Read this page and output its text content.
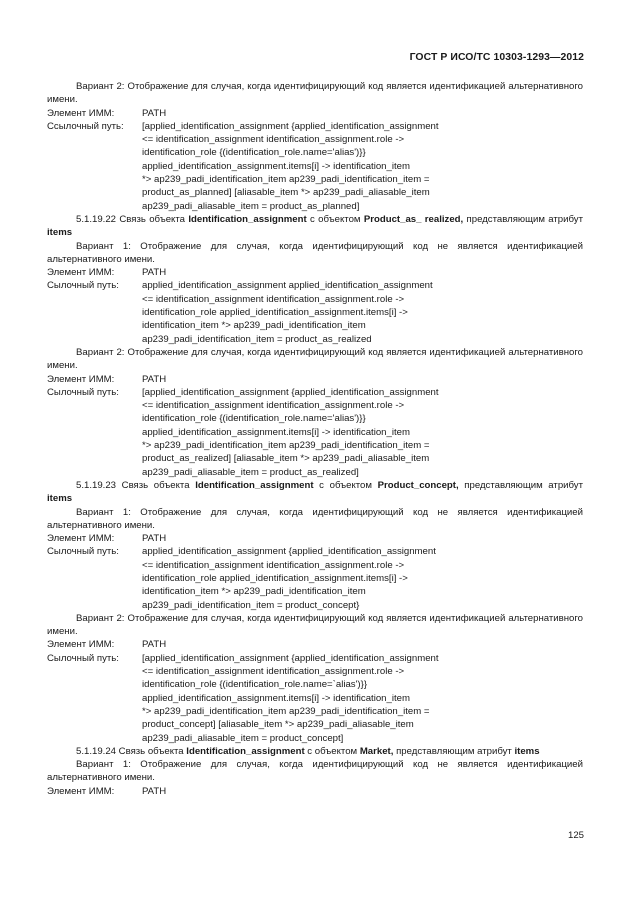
ГОСТ Р ИСО/ТС 10303-1293—2012

Вариант 2: Отображение для случая, когда идентифицирующий код является идентификацией альтернативного имени.

Элемент ИММ:	PATH
Ссылочный путь:	[applied_identification_assignment {applied_identification_assignment
<= identification_assignment identification_assignment.role ->
identification_role {(identification_role.name='alias')}}
applied_identification_assignment.items[i] -> identification_item
*> ap239_padi_identification_item ap239_padi_identification_item =
product_as_planned] [aliasable_item *> ap239_padi_aliasable_item
ap239_padi_aliasable_item = product_as_planned]

5.1.19.22 Связь объекта Identification_assignment с объектом Product_as_ realized, представляющим атрибут items

Вариант 1: Отображение для случая, когда идентифицирующий код не является идентификацией альтернативного имени.

Элемент ИММ:	PATH
Сылочный путь:	applied_identification_assignment applied_identification_assignment
<= identification_assignment identification_assignment.role ->
identification_role applied_identification_assignment.items[i] ->
identification_item *> ap239_padi_identification_item
ap239_padi_identification_item = product_as_realized

Вариант 2: Отображение для случая, когда идентифицирующий код является идентификацией альтернативного имени.

Элемент ИММ:	PATH
Сылочный путь:	[applied_identification_assignment {applied_identification_assignment
<= identification_assignment identification_assignment.role ->
identification_role {(identification_role.name='alias')}}
applied_identification_assignment.items[i] -> identification_item
*> ap239_padi_identification_item ap239_padi_identification_item =
product_as_realized] [aliasable_item *> ap239_padi_aliasable_item
ap239_padi_aliasable_item = product_as_realized]

5.1.19.23 Связь объекта Identification_assignment с объектом Product_concept, представляющим атрибут items

Вариант 1: Отображение для случая, когда идентифицирующий код не является идентификацией альтернативного имени.

Элемент ИММ:	PATH
Сылочный путь:	applied_identification_assignment {applied_identification_assignment
<= identification_assignment identification_assignment.role ->
identification_role applied_identification_assignment.items[i] ->
identification_item *> ap239_padi_identification_item
ap239_padi_identification_item = product_concept}

Вариант 2: Отображение для случая, когда идентифицирующий код является идентификацией альтернативного имени.

Элемент ИММ:	PATH
Сылочный путь:	[applied_identification_assignment {applied_identification_assignment
<= identification_assignment identification_assignment.role ->
identification_role {(identification_role.name=`alias')}}
applied_identification_assignment.items[i] -> identification_item
*> ap239_padi_identification_item ap239_padi_identification_item =
product_concept] [aliasable_item *> ap239_padi_aliasable_item
ap239_padi_aliasable_item = product_concept]

5.1.19.24 Связь объекта Identification_assignment с объектом Market, представляющим атрибут items

Вариант 1: Отображение для случая, когда идентифицирующий код не является идентификацией альтернативного имени.

Элемент ИММ:	PATH
125
